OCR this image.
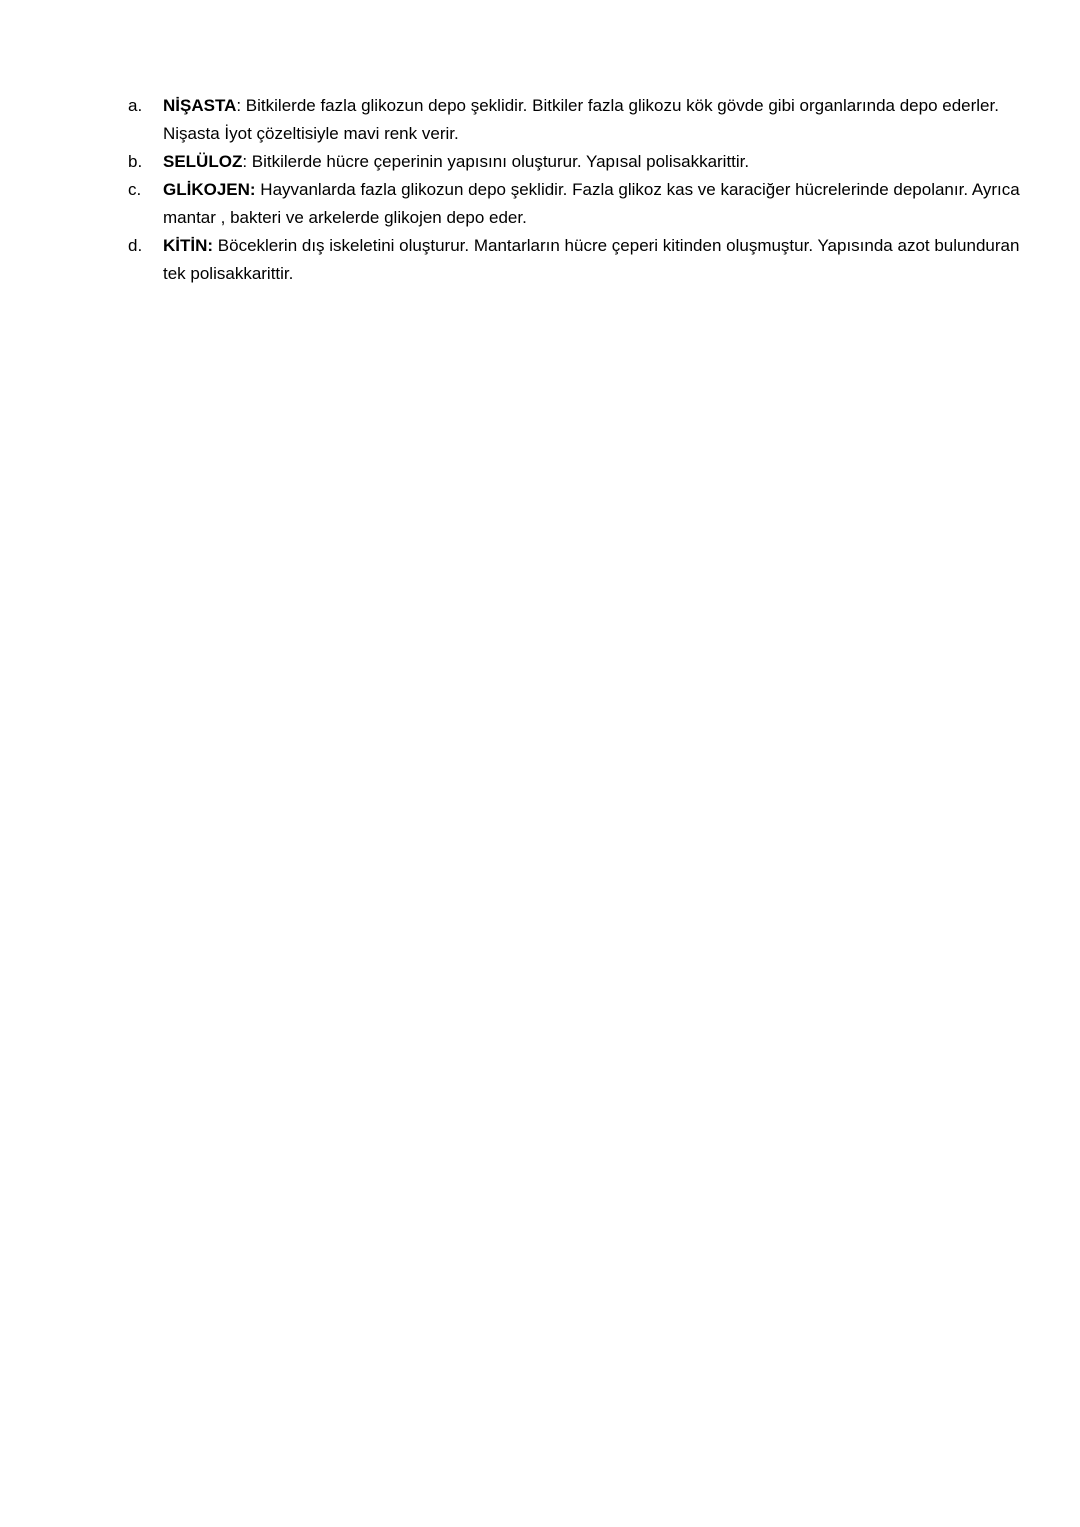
a.	NİŞASTA: Bitkilerde fazla glikozun depo şeklidir. Bitkiler fazla glikozu kök gövde gibi organlarında depo ederler. Nişasta İyot çözeltisiyle mavi renk verir.
b.	SELÜLOZ: Bitkilerde hücre çeperinin yapısını oluşturur. Yapısal polisakkarittir.
c.	GLİKOJEN: Hayvanlarda fazla glikozun depo şeklidir. Fazla glikoz kas ve karaciğer hücrelerinde depolanır. Ayrıca mantar , bakteri ve arkelerde glikojen depo eder.
d.	KİTİN: Böceklerin dış iskeletini oluşturur. Mantarların hücre çeperi kitinden oluşmuştur. Yapısında azot bulunduran tek polisakkarittir.
